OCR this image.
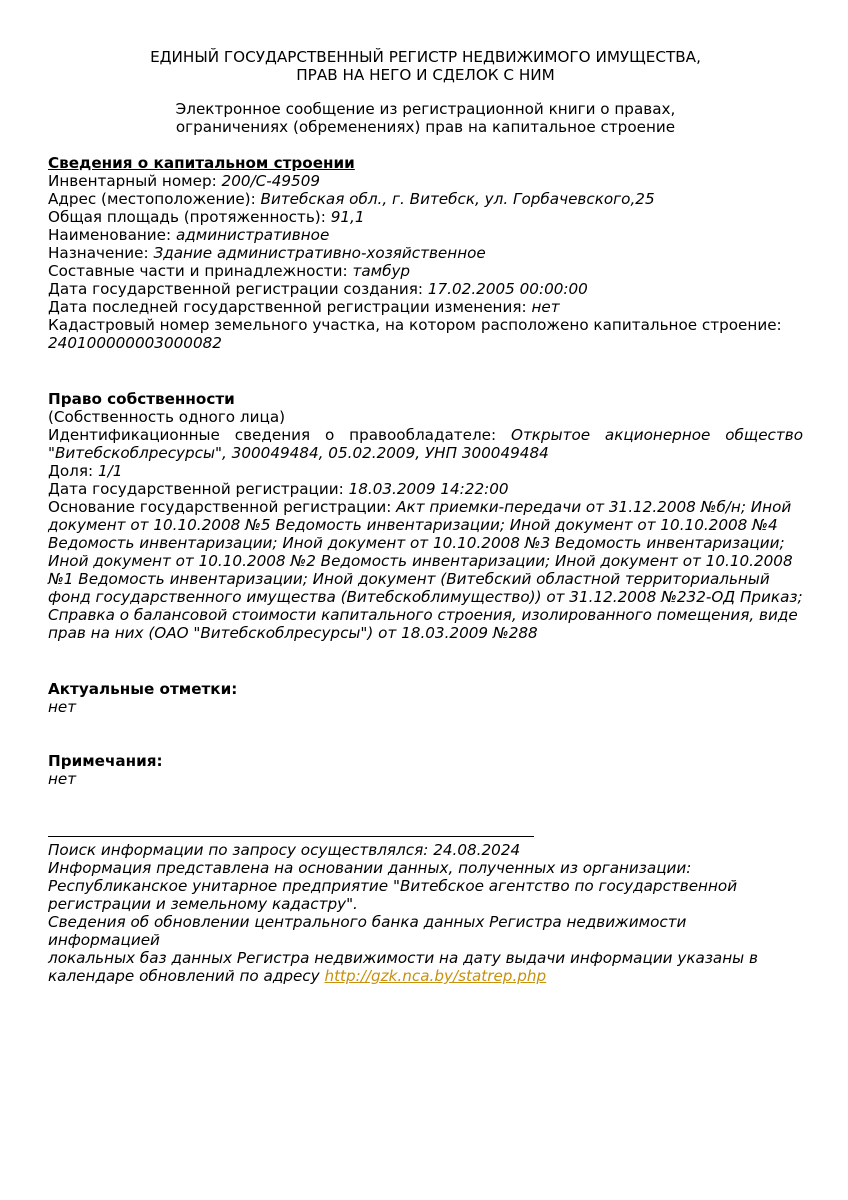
ЕДИНЫЙ ГОСУДАРСТВЕННЫЙ РЕГИСТР НЕДВИЖИМОГО ИМУЩЕСТВА,
ПРАВ НА НЕГО И СДЕЛОК С НИМ
Электронное сообщение из регистрационной книги о правах,
ограничениях (обременениях) прав на капитальное строение
Сведения о капитальном строении
Инвентарный номер: 200/С-49509
Адрес (местоположение): Витебская обл., г. Витебск, ул. Горбачевского,25
Общая площадь (протяженность): 91,1
Наименование: административное
Назначение: Здание административно-хозяйственное
Составные части и принадлежности: тамбур
Дата государственной регистрации создания: 17.02.2005 00:00:00
Дата последней государственной регистрации изменения: нет
Кадастровый номер земельного участка, на котором расположено капитальное строение:
240100000003000082
Право собственности
(Собственность одного лица)
Идентификационные сведения о правообладателе: Открытое акционерное общество
"Витебскоблресурсы", 300049484, 05.02.2009, УНП 300049484
Доля: 1/1
Дата государственной регистрации: 18.03.2009 14:22:00
Основание государственной регистрации: Акт приемки-передачи от 31.12.2008 №б/н; Иной
документ от 10.10.2008 №5 Ведомость инвентаризации; Иной документ от 10.10.2008 №4
Ведомость инвентаризации; Иной документ от 10.10.2008 №3 Ведомость инвентаризации;
Иной документ от 10.10.2008 №2 Ведомость инвентаризации; Иной документ от 10.10.2008
№1 Ведомость инвентаризации; Иной документ (Витебский областной территориальный
фонд государственного имущества (Витебскоблимущество)) от 31.12.2008 №232-ОД Приказ;
Справка о балансовой стоимости капитального строения, изолированного помещения, виде
прав на них (ОАО "Витебскоблресурсы") от 18.03.2009 №288
Актуальные отметки:
нет
Примечания:
нет
Поиск информации по запросу осуществлялся: 24.08.2024
Информация представлена на основании данных, полученных из организации:
Республиканское унитарное предприятие "Витебское агентство по государственной
регистрации и земельному кадастру".
Сведения об обновлении центрального банка данных Регистра недвижимости информацией
локальных баз данных Регистра недвижимости на дату выдачи информации указаны в
календаре обновлений по адресу http://gzk.nca.by/statrep.php
